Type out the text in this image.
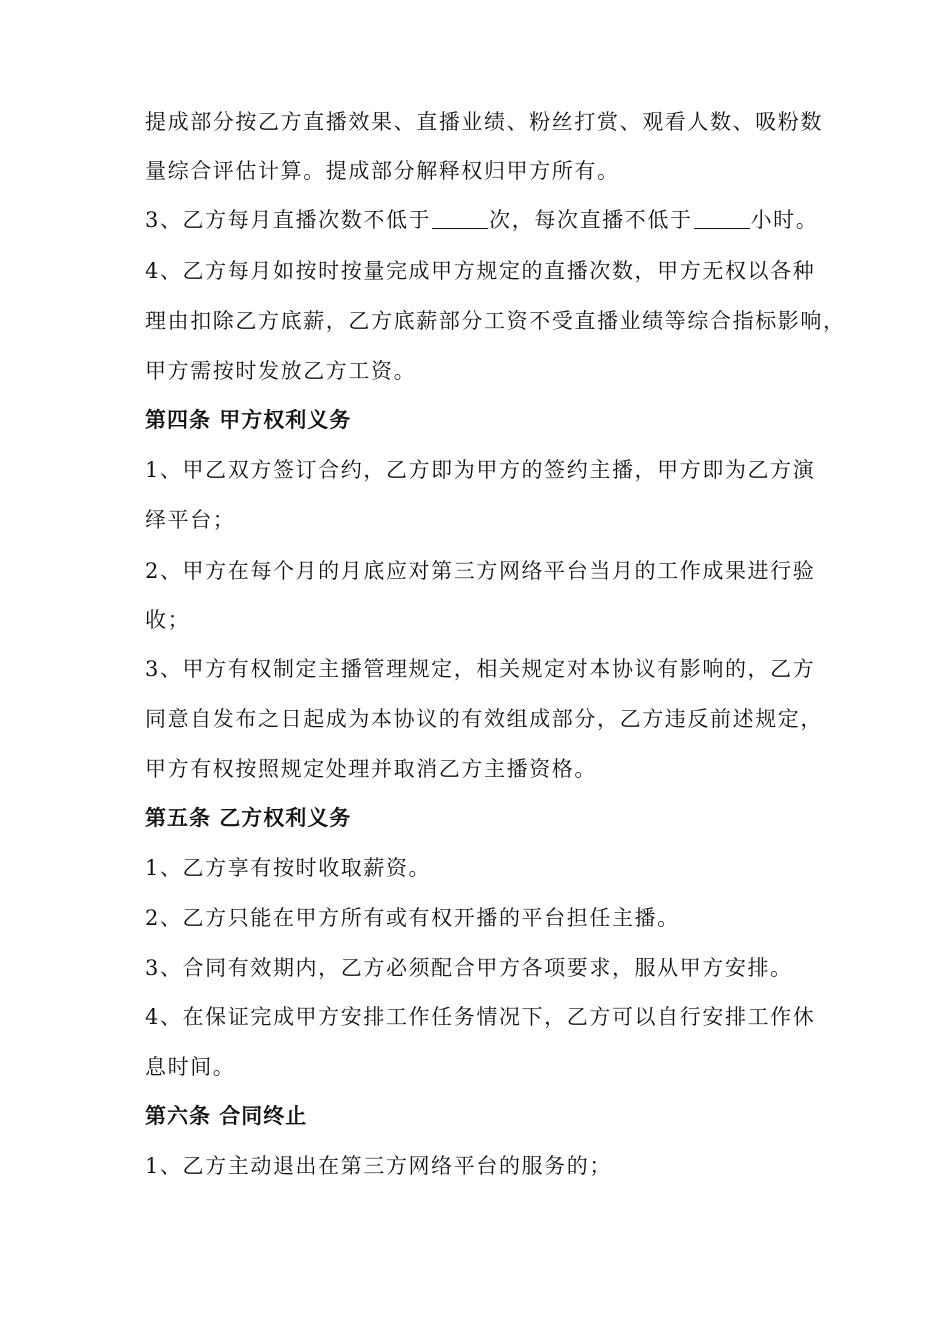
提成部分按乙方直播效果、直播业绩、粉丝打赏、观看人数、吸粉数
量综合评估计算。提成部分解释权归甲方所有。
3、乙方每月直播次数不低于	次，每次直播不低于	小时。
4、乙方每月如按时按量完成甲方规定的直播次数，甲方无权以各种
理由扣除乙方底薪，乙方底薪部分工资不受直播业绩等综合指标影响，
甲方需按时发放乙方工资。
第四条 甲方权利义务
1、甲乙双方签订合约，乙方即为甲方的签约主播，甲方即为乙方演
绎平台；
2、甲方在每个月的月底应对第三方网络平台当月的工作成果进行验
收；
3、甲方有权制定主播管理规定，相关规定对本协议有影响的，乙方
同意自发布之日起成为本协议的有效组成部分，乙方违反前述规定，
甲方有权按照规定处理并取消乙方主播资格。
第五条 乙方权利义务
1、乙方享有按时收取薪资。
2、乙方只能在甲方所有或有权开播的平台担任主播。
3、合同有效期内，乙方必须配合甲方各项要求，服从甲方安排。
4、在保证完成甲方安排工作任务情况下，乙方可以自行安排工作休
息时间。
第六条 合同终止
1、乙方主动退出在第三方网络平台的服务的；
